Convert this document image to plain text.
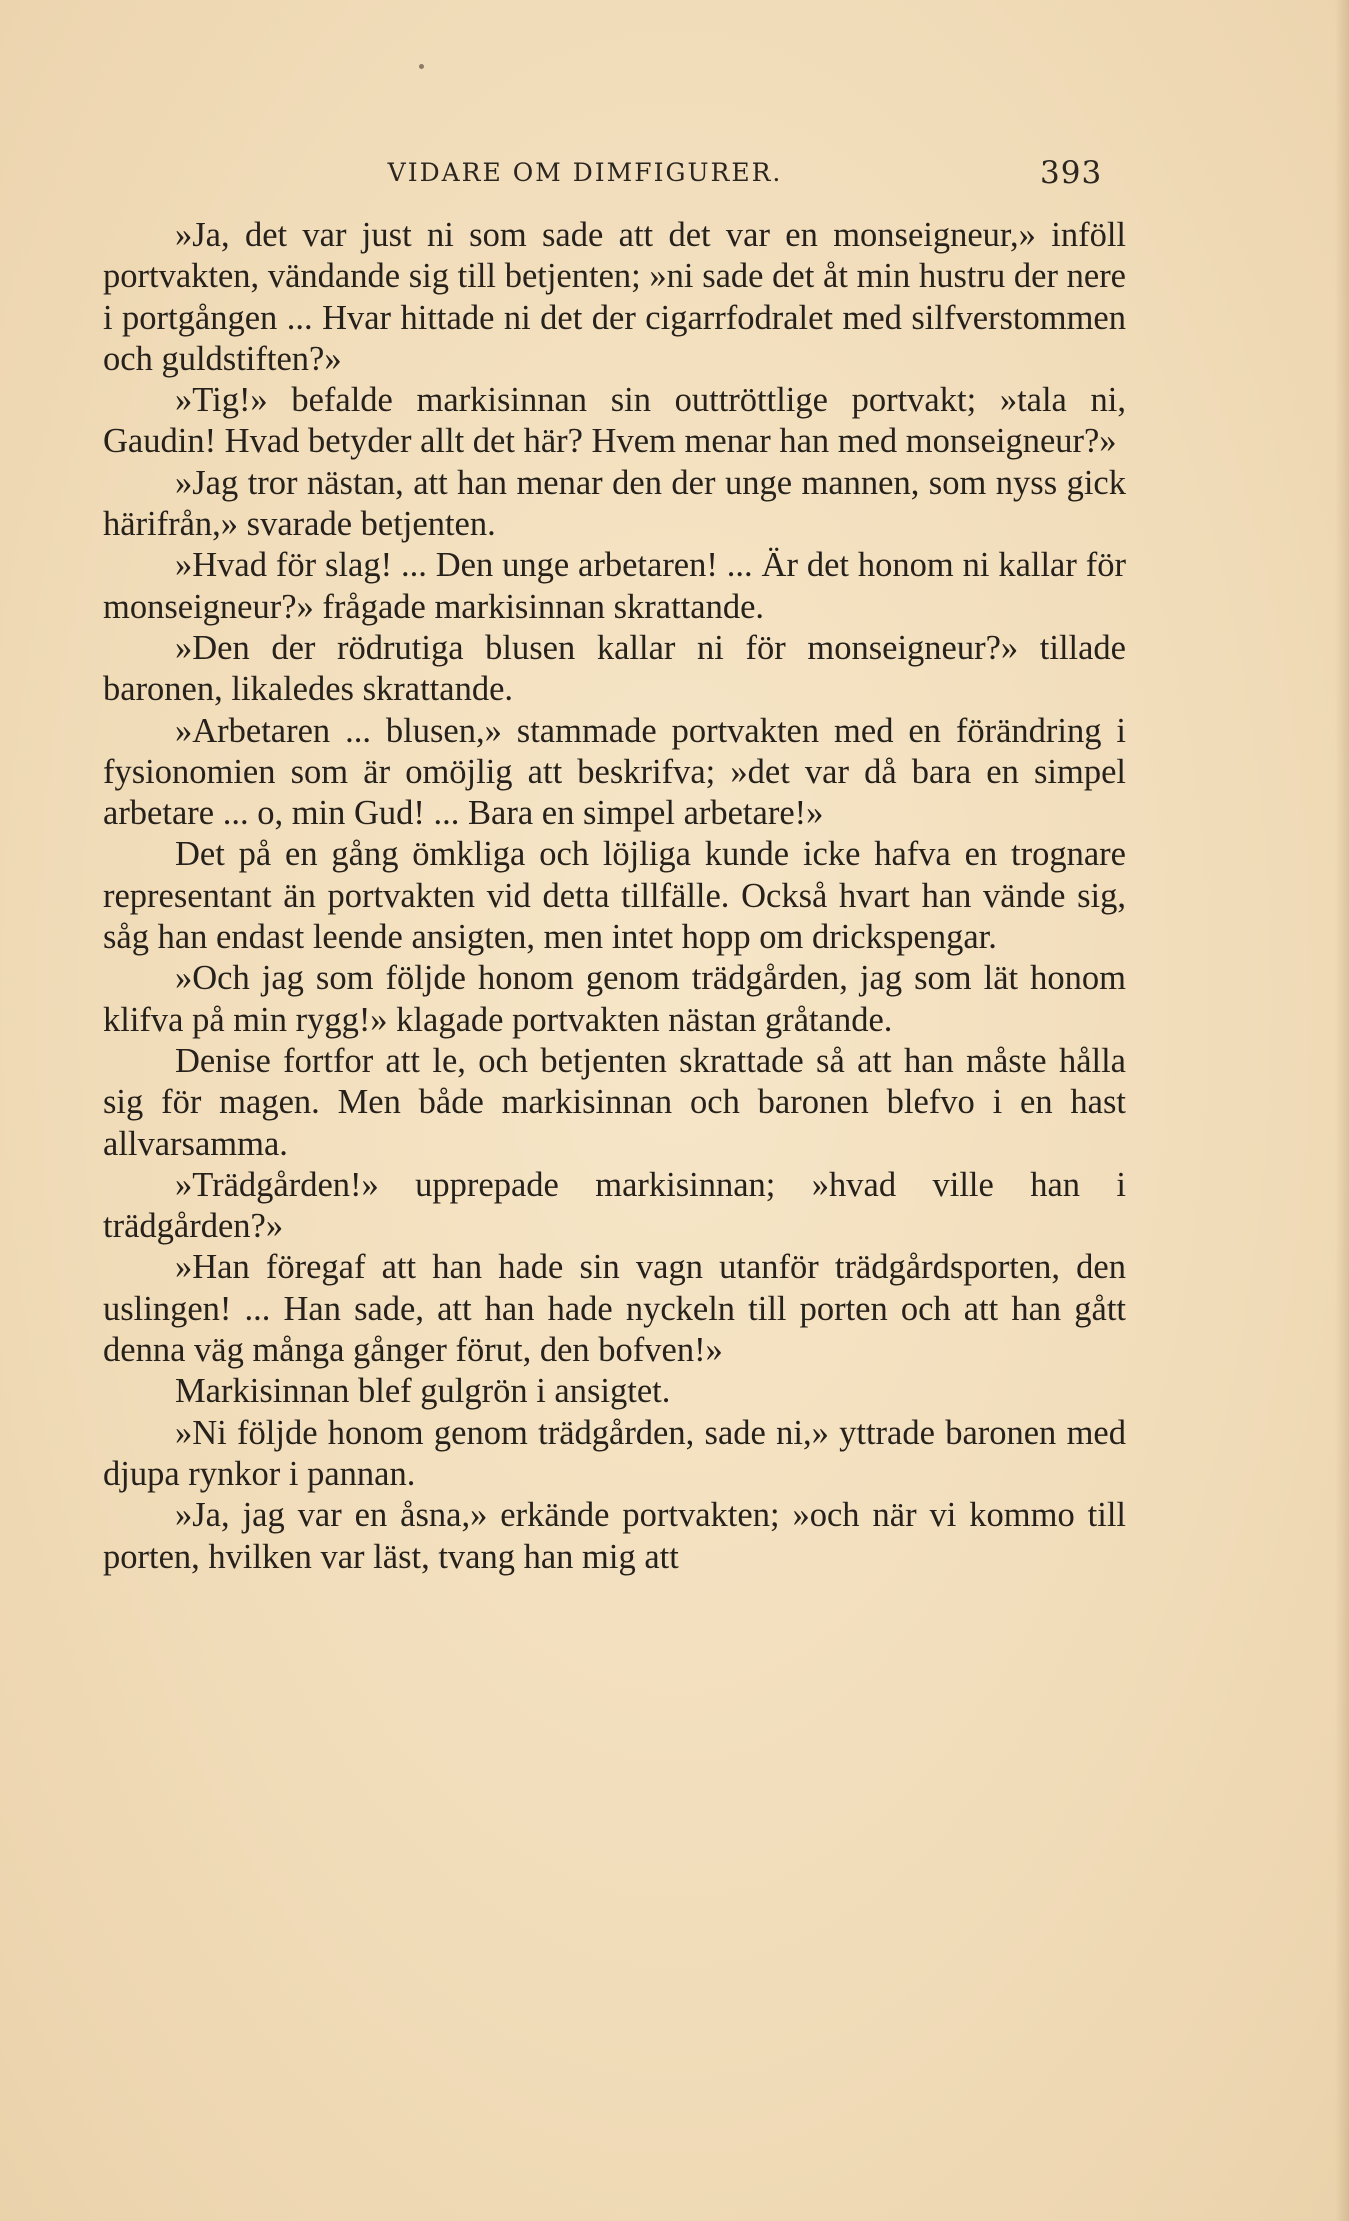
VIDARE OM DIMFIGURER.	393

»Ja, det var just ni som sade att det var en monseigneur,» inföll portvakten, vändande sig till betjenten; »ni sade det åt min hustru der nere i portgången ... Hvar hittade ni det der cigarrfodralet med silfverstommen och guldstiften?»

»Tig!» befalde markisinnan sin outtröttlige portvakt; »tala ni, Gaudin! Hvad betyder allt det här? Hvem menar han med monseigneur?»

»Jag tror nästan, att han menar den der unge mannen, som nyss gick härifrån,» svarade betjenten.

»Hvad för slag! ... Den unge arbetaren! ... Är det honom ni kallar för monseigneur?» frågade markisinnan skrattande.

»Den der rödrutiga blusen kallar ni för monseigneur?» tillade baronen, likaledes skrattande.

»Arbetaren ... blusen,» stammade portvakten med en förändring i fysionomien som är omöjlig att beskrifva; »det var då bara en simpel arbetare ... o, min Gud! ... Bara en simpel arbetare!»

Det på en gång ömkliga och löjliga kunde icke hafva en trognare representant än portvakten vid detta tillfälle. Också hvart han vände sig, såg han endast leende ansigten, men intet hopp om drickspengar.

»Och jag som följde honom genom trädgården, jag som lät honom klifva på min rygg!» klagade portvakten nästan gråtande.

Denise fortfor att le, och betjenten skrattade så att han måste hålla sig för magen. Men både markisinnan och baronen blefvo i en hast allvarsamma.

»Trädgården!» upprepade markisinnan; »hvad ville han i trädgården?»

»Han föregaf att han hade sin vagn utanför trädgårdsporten, den uslingen! ... Han sade, att han hade nyckeln till porten och att han gått denna väg många gånger förut, den bofven!»

Markisinnan blef gulgrön i ansigtet.

»Ni följde honom genom trädgården, sade ni,» yttrade baronen med djupa rynkor i pannan.

»Ja, jag var en åsna,» erkände portvakten; »och när vi kommo till porten, hvilken var läst, tvang han mig att
